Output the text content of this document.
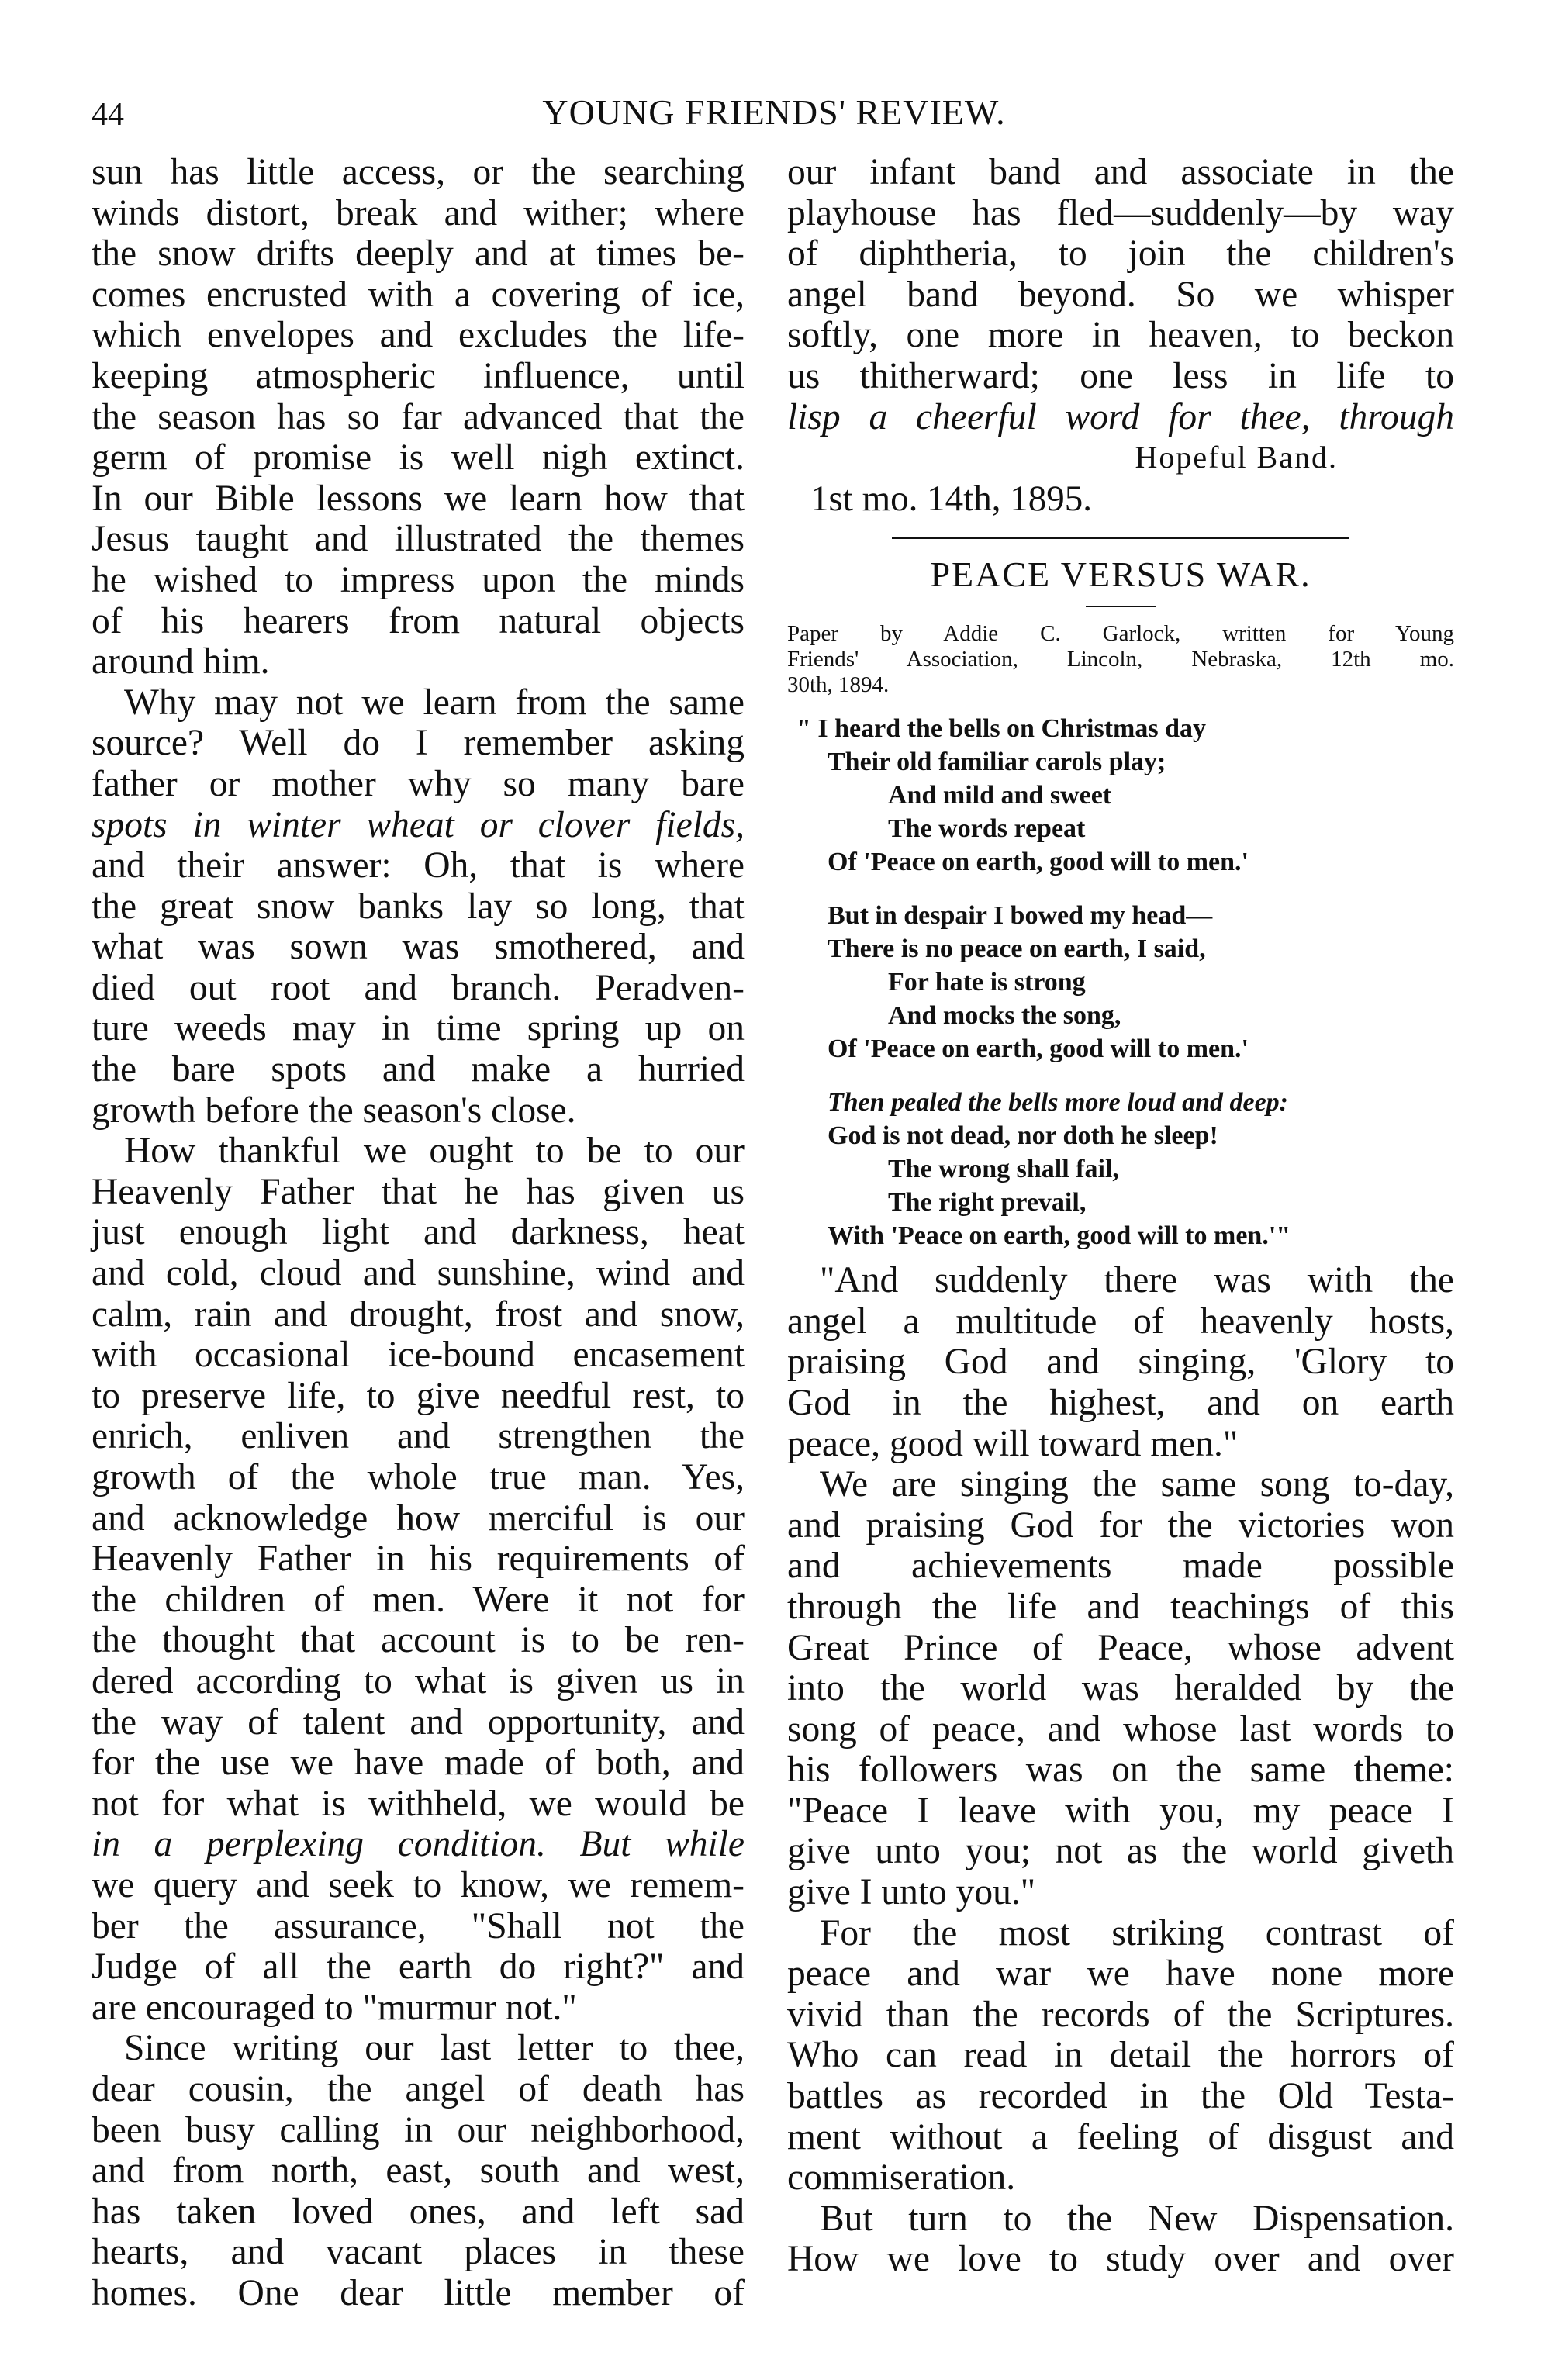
44	YOUNG FRIENDS' REVIEW.
sun has little access, or the searching
winds distort, break and wither; where
the snow drifts deeply and at times be-
comes encrusted with a covering of ice,
which envelopes and excludes the life-
keeping atmospheric influence, until
the season has so far advanced that the
germ of promise is well nigh extinct.
In our Bible lessons we learn how that
Jesus taught and illustrated the themes
he wished to impress upon the minds
of his hearers from natural objects
around him.
Why may not we learn from the same
source? Well do I remember asking
father or mother why so many bare
spots in winter wheat or clover fields,
and their answer: Oh, that is where
the great snow banks lay so long, that
what was sown was smothered, and
died out root and branch. Peradven-
ture weeds may in time spring up on
the bare spots and make a hurried
growth before the season's close.
How thankful we ought to be to our
Heavenly Father that he has given us
just enough light and darkness, heat
and cold, cloud and sunshine, wind and
calm, rain and drought, frost and snow,
with occasional ice-bound encasement
to preserve life, to give needful rest, to
enrich, enliven and strengthen the
growth of the whole true man. Yes,
and acknowledge how merciful is our
Heavenly Father in his requirements of
the children of men. Were it not for
the thought that account is to be ren-
dered according to what is given us in
the way of talent and opportunity, and
for the use we have made of both, and
not for what is withheld, we would be
in a perplexing condition. But while
we query and seek to know, we remem-
ber the assurance, "Shall not the
Judge of all the earth do right?" and
are encouraged to "murmur not."
Since writing our last letter to thee,
dear cousin, the angel of death has
been busy calling in our neighborhood,
and from north, east, south and west,
has taken loved ones, and left sad
hearts, and vacant places in these
homes. One dear little member of
our infant band and associate in the
playhouse has fled—suddenly—by way
of diphtheria, to join the children's
angel band beyond. So we whisper
softly, one more in heaven, to beckon
us thitherward; one less in life to
lisp a cheerful word for thee, through
Hopeful Band.
1st mo. 14th, 1895.
PEACE VERSUS WAR.
Paper by Addie C. Garlock, written for Young
Friends' Association, Lincoln, Nebraska, 12th mo.
30th, 1894.
" I heard the bells on Christmas day
Their old familiar carols play;
And mild and sweet
The words repeat
Of 'Peace on earth, good will to men.'
But in despair I bowed my head—
There is no peace on earth, I said,
For hate is strong
And mocks the song,
Of 'Peace on earth, good will to men.'
Then pealed the bells more loud and deep:
God is not dead, nor doth he sleep!
The wrong shall fail,
The right prevail,
With 'Peace on earth, good will to men.'"
"And suddenly there was with the
angel a multitude of heavenly hosts,
praising God and singing, 'Glory to
God in the highest, and on earth
peace, good will toward men."
We are singing the same song to-day,
and praising God for the victories won
and achievements made possible
through the life and teachings of this
Great Prince of Peace, whose advent
into the world was heralded by the
song of peace, and whose last words to
his followers was on the same theme:
"Peace I leave with you, my peace I
give unto you; not as the world giveth
give I unto you."
For the most striking contrast of
peace and war we have none more
vivid than the records of the Scriptures.
Who can read in detail the horrors of
battles as recorded in the Old Testa-
ment without a feeling of disgust and
commiseration.
But turn to the New Dispensation.
How we love to study over and over
